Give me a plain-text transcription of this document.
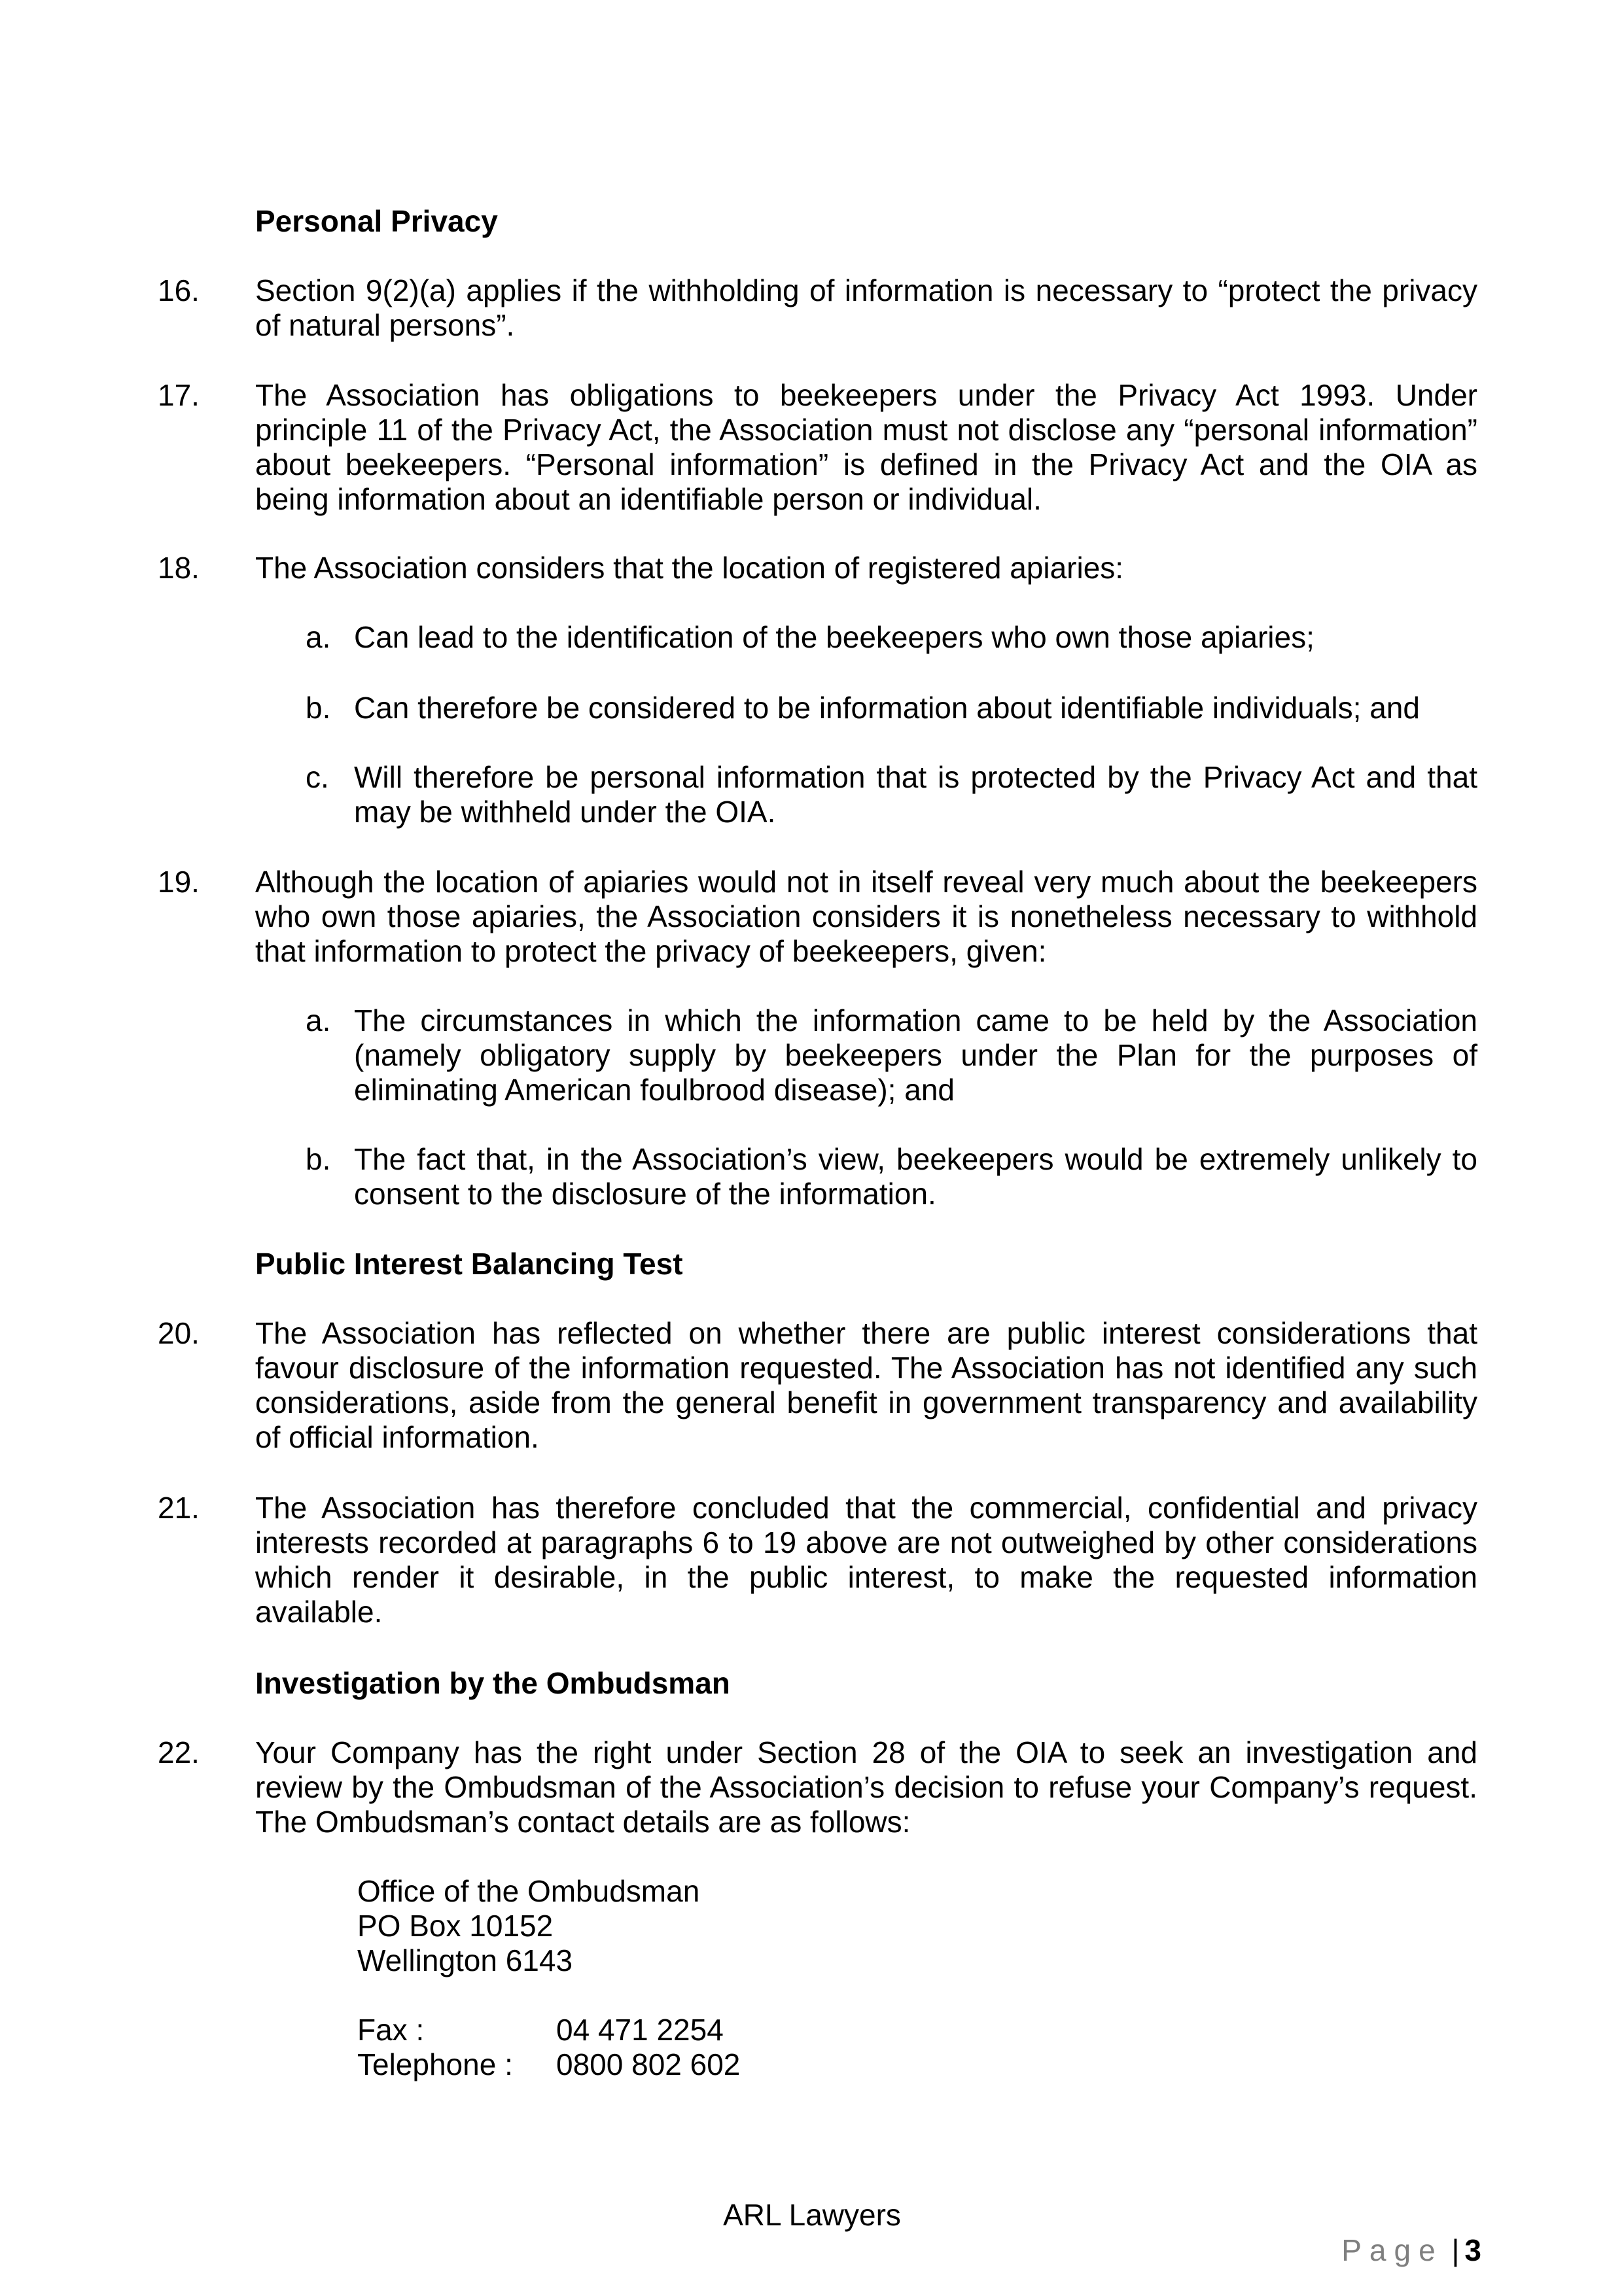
Personal Privacy
16. Section 9(2)(a) applies if the withholding of information is necessary to “protect the privacy
of natural persons”.
17. The Association has obligations to beekeepers under the Privacy Act 1993. Under
principle 11 of the Privacy Act, the Association must not disclose any “personal information”
about beekeepers. “Personal information” is defined in the Privacy Act and the OIA as
being information about an identifiable person or individual.
18. The Association considers that the location of registered apiaries:
a. Can lead to the identification of the beekeepers who own those apiaries;
b. Can therefore be considered to be information about identifiable individuals; and
c. Will therefore be personal information that is protected by the Privacy Act and that
may be withheld under the OIA.
19. Although the location of apiaries would not in itself reveal very much about the beekeepers
who own those apiaries, the Association considers it is nonetheless necessary to withhold
that information to protect the privacy of beekeepers, given:
a. The circumstances in which the information came to be held by the Association
(namely obligatory supply by beekeepers under the Plan for the purposes of
eliminating American foulbrood disease); and
b. The fact that, in the Association’s view, beekeepers would be extremely unlikely to
consent to the disclosure of the information.
Public Interest Balancing Test
20. The Association has reflected on whether there are public interest considerations that
favour disclosure of the information requested. The Association has not identified any such
considerations, aside from the general benefit in government transparency and availability
of official information.
21. The Association has therefore concluded that the commercial, confidential and privacy
interests recorded at paragraphs 6 to 19 above are not outweighed by other considerations
which render it desirable, in the public interest, to make the requested information
available.
Investigation by the Ombudsman
22. Your Company has the right under Section 28 of the OIA to seek an investigation and
review by the Ombudsman of the Association’s decision to refuse your Company’s request.
The Ombudsman’s contact details are as follows:
Office of the Ombudsman
PO Box 10152
Wellington 6143
Fax :	04 471 2254
Telephone : 0800 802 602
ARL Lawyers
Page | 3
